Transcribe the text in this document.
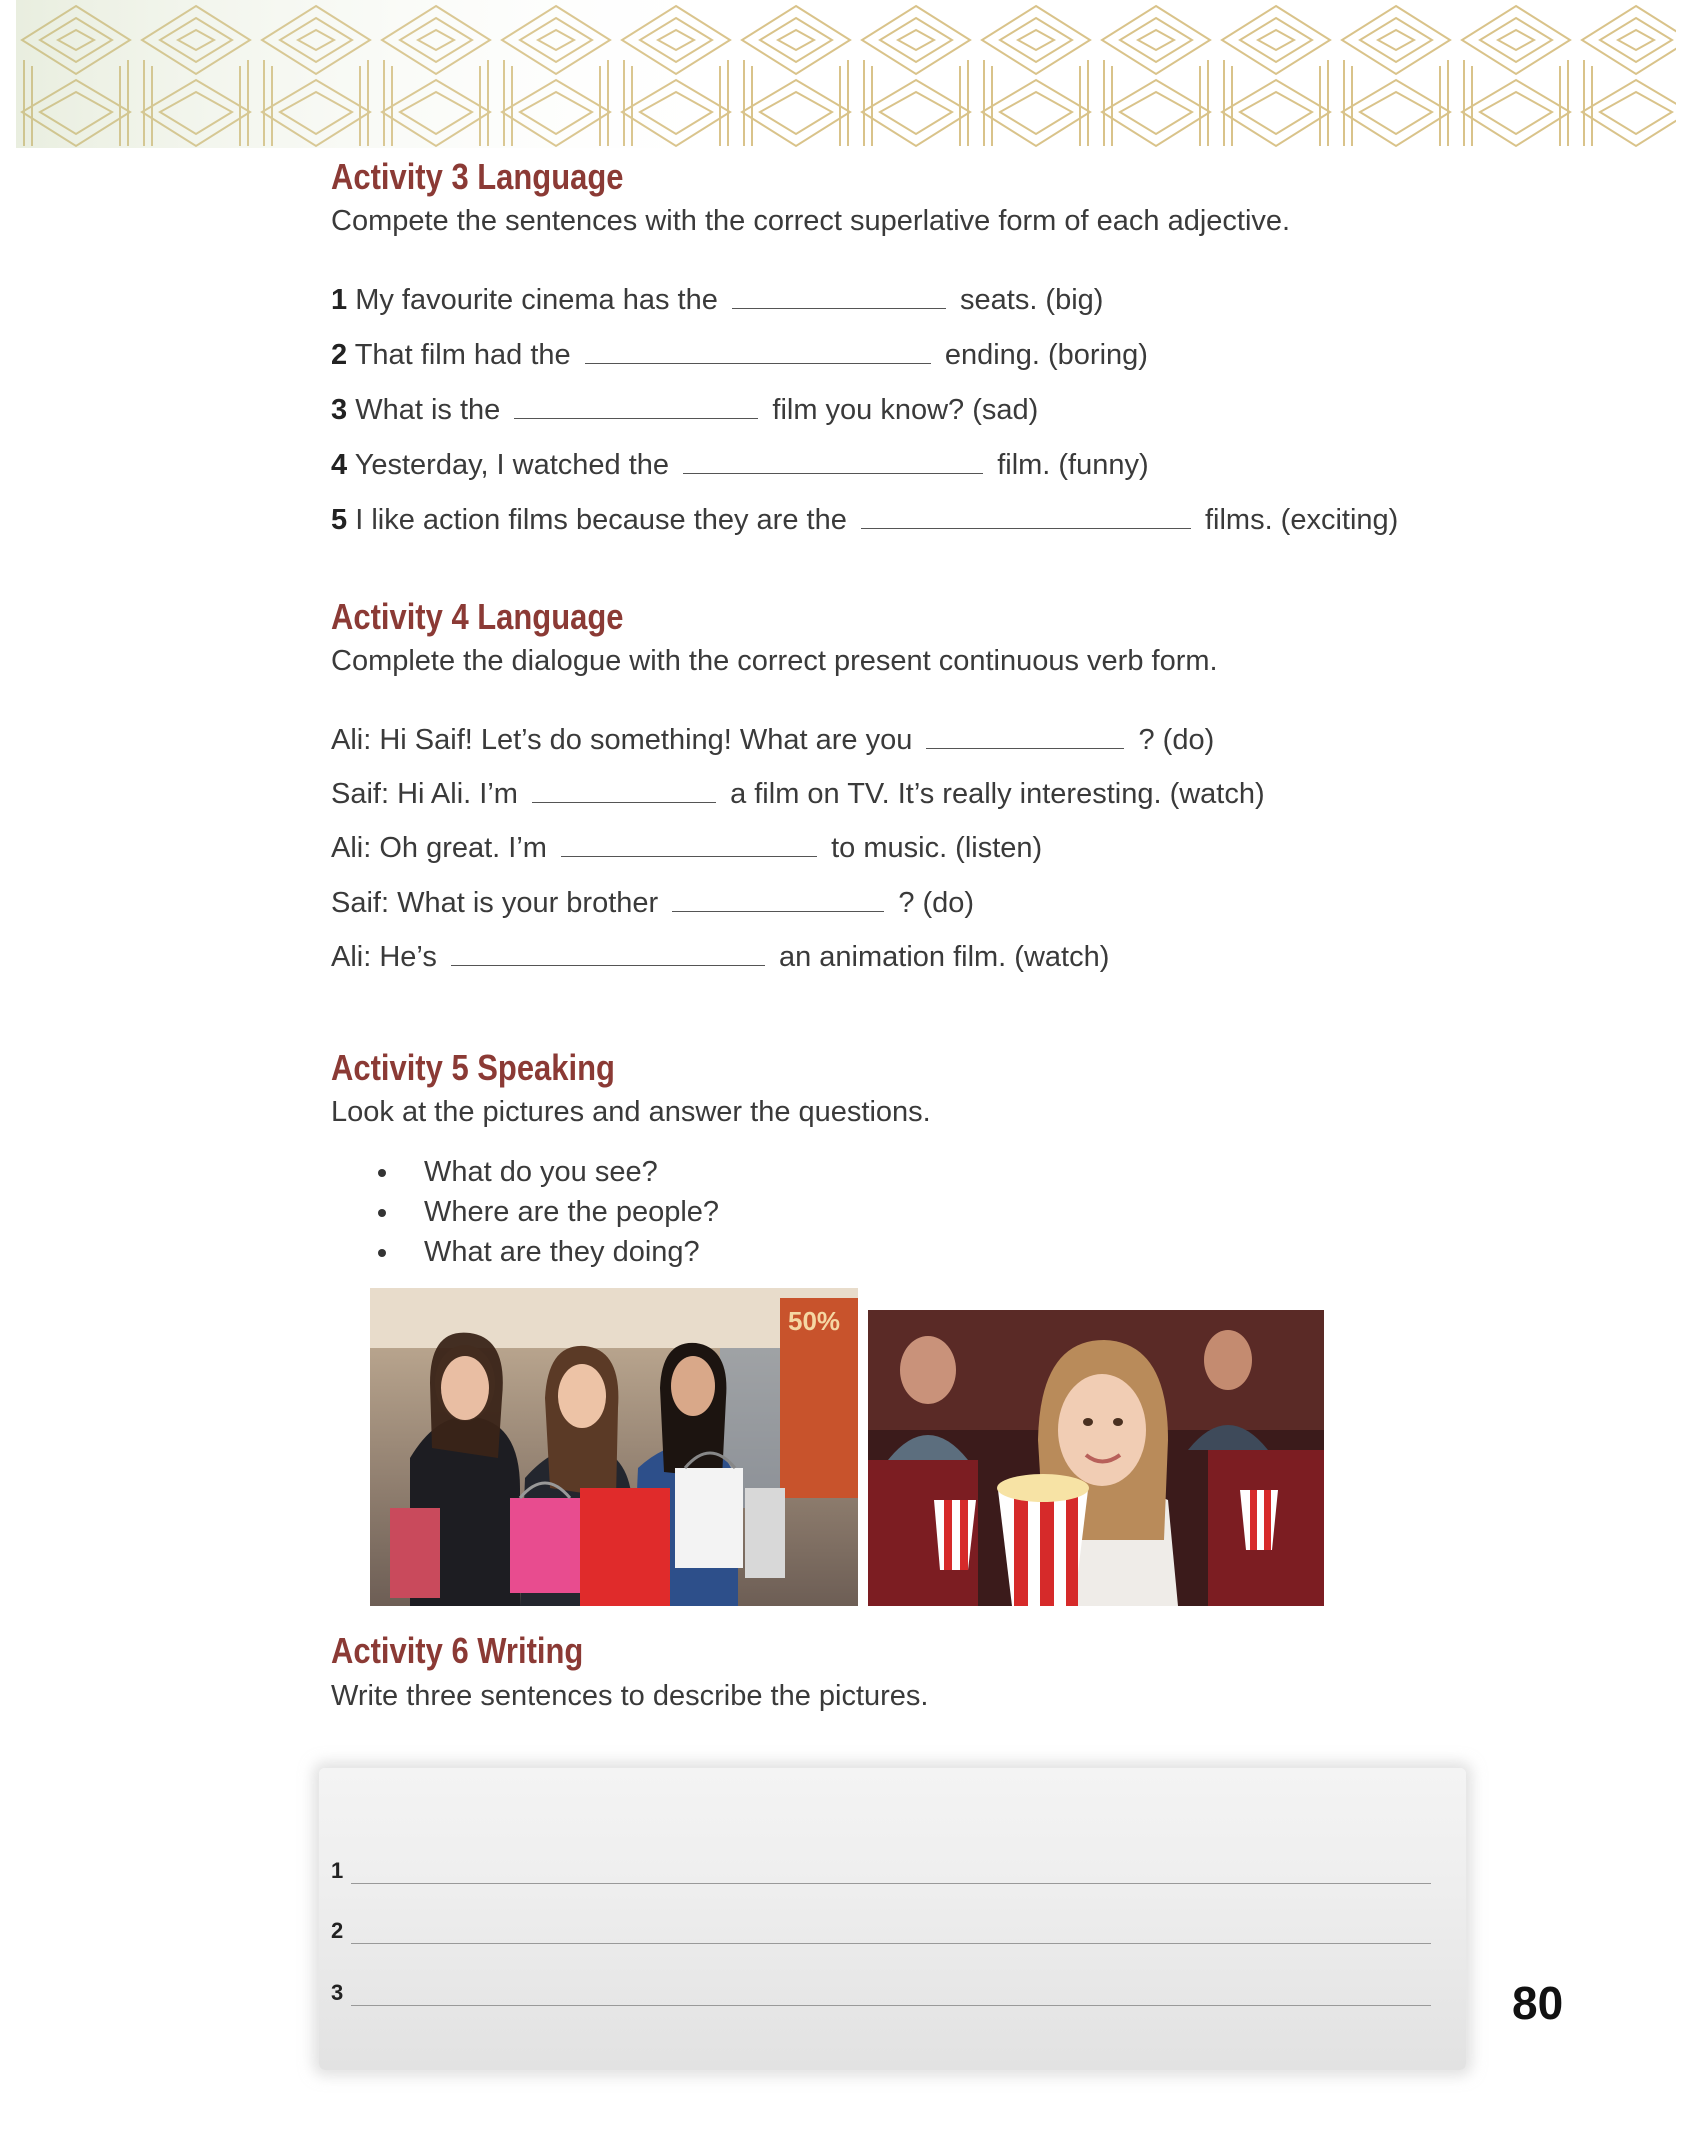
Activity 3 Language
Compete the sentences with the correct superlative form of each adjective.
1 My favourite cinema has the	seats. (big)
2 That film had the	ending. (boring)
3 What is the	film you know? (sad)
4 Yesterday, I watched the	film. (funny)
5 I like action films because they are the	films. (exciting)
Activity 4 Language
Complete the dialogue with the correct present continuous verb form.
Ali: Hi Saif! Let’s do something! What are you	? (do)
Saif: Hi Ali. I’m	a film on TV. It’s really interesting. (watch)
Ali: Oh great. I’m	to music. (listen)
Saif: What is your brother	? (do)
Ali: He’s	an animation film. (watch)
Activity 5 Speaking
Look at the pictures and answer the questions.
What do you see?
Where are the people?
What are they doing?
50%
Activity 6 Writing
Write three sentences to describe the pictures.
1
2
3	80
